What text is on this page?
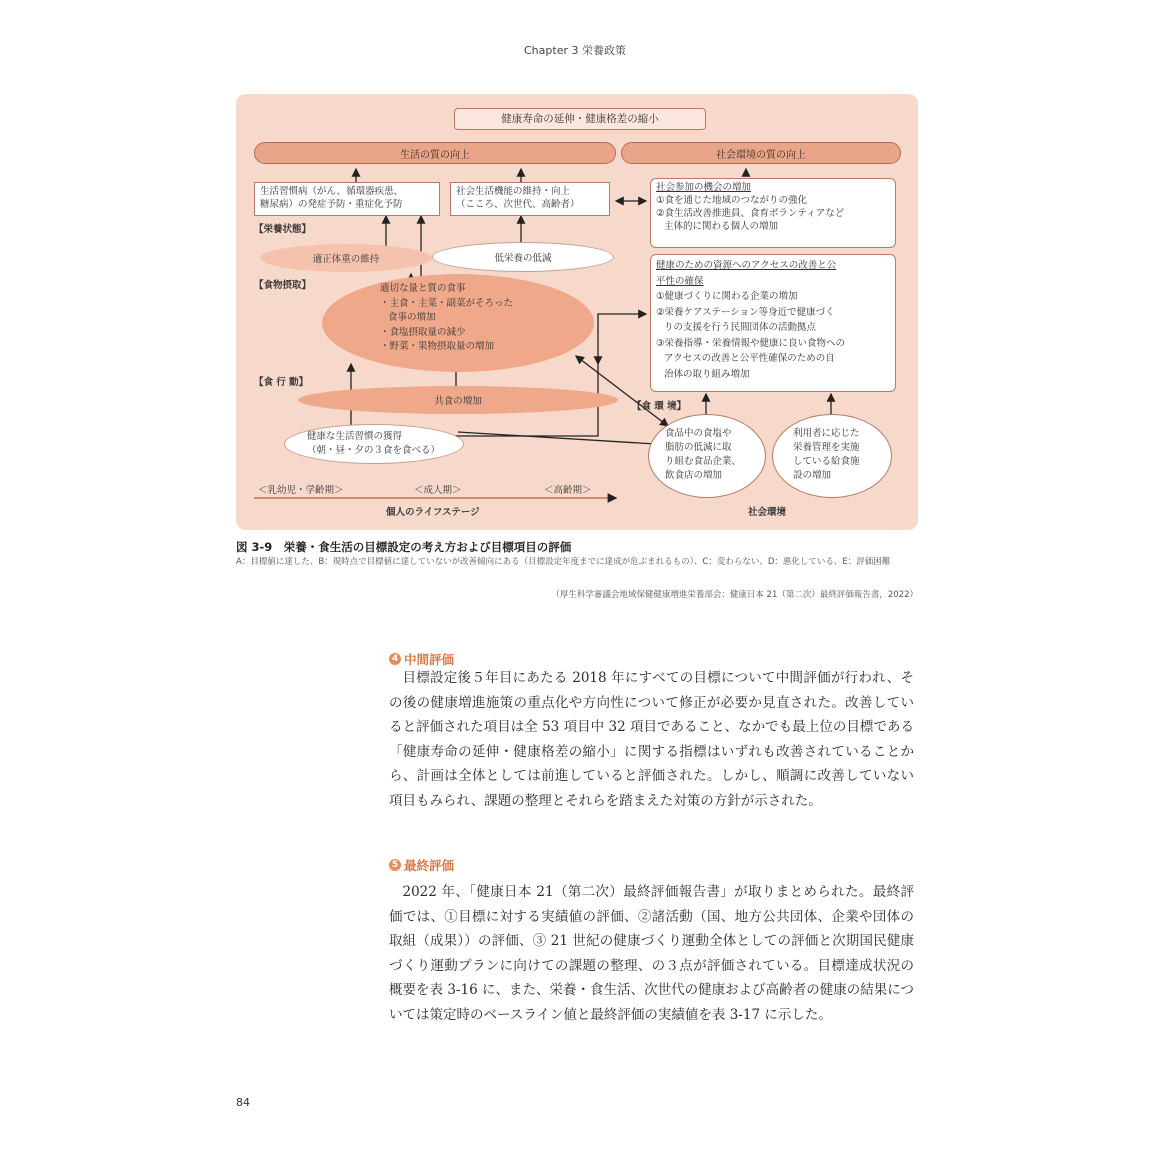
Chapter 3 栄養政策
健康寿命の延伸・健康格差の縮小
生活の質の向上	社会環境の質の向上
生活習慣病（がん、循環器疾患、
糖尿病）の発症予防・重症化予防
社会生活機能の維持・向上
（こころ、次世代、高齢者）
社会参加の機会の増加
①食を通じた地域のつながりの強化
②食生活改善推進員、食育ボランティアなど
主体的に関わる個人の増加
健康のための資源へのアクセスの改善と公
平性の確保
①健康づくりに関わる企業の増加
②栄養ケアステーション等身近で健康づく
りの支援を行う民間団体の活動拠点
③栄養指導・栄養情報や健康に良い食物への
アクセスの改善と公平性確保のための自
治体の取り組み増加
【栄養状態】
【食物摂取】
【食 行 動】
【食 環 境】
適正体重の維持	低栄養の低減
適切な量と質の食事
・主食・主菜・副菜がそろった
食事の増加
・食塩摂取量の減少
・野菜・果物摂取量の増加
共食の増加
健康な生活習慣の獲得
（朝・昼・夕の３食を食べる）
食品中の食塩や
脂肪の低減に取
り組む食品企業、
飲食店の増加
利用者に応じた
栄養管理を実施
している給食施
設の増加
＜乳幼児・学齢期＞	＜成人期＞	＜高齢期＞
個人のライフステージ	社会環境
図 3-9　栄養・食生活の目標設定の考え方および目標項目の評価
A：目標値に達した、B：現時点で目標値に達していないが改善傾向にある（目標設定年度までに達成が危ぶまれるもの）、C：変わらない、D：悪化している、E：評価困難
（厚生科学審議会地域保健健康増進栄養部会：健康日本 21（第二次）最終評価報告書，2022）
4 中間評価
目標設定後５年目にあたる 2018 年にすべての目標について中間評価が行われ、その後の健康増進施策の重点化や方向性について修正が必要か見直された。改善していると評価された項目は全 53 項目中 32 項目であること、なかでも最上位の目標である「健康寿命の延伸・健康格差の縮小」に関する指標はいずれも改善されていることから、計画は全体としては前進していると評価された。しかし、順調に改善していない項目もみられ、課題の整理とそれらを踏まえた対策の方針が示された。
5 最終評価
2022 年、「健康日本 21（第二次）最終評価報告書」が取りまとめられた。最終評価では、①目標に対する実績値の評価、②諸活動（国、地方公共団体、企業や団体の取組（成果））の評価、③ 21 世紀の健康づくり運動全体としての評価と次期国民健康づくり運動プランに向けての課題の整理、の３点が評価されている。目標達成状況の概要を表 3-16 に、また、栄養・食生活、次世代の健康および高齢者の健康の結果については策定時のベースライン値と最終評価の実績値を表 3-17 に示した。
84
